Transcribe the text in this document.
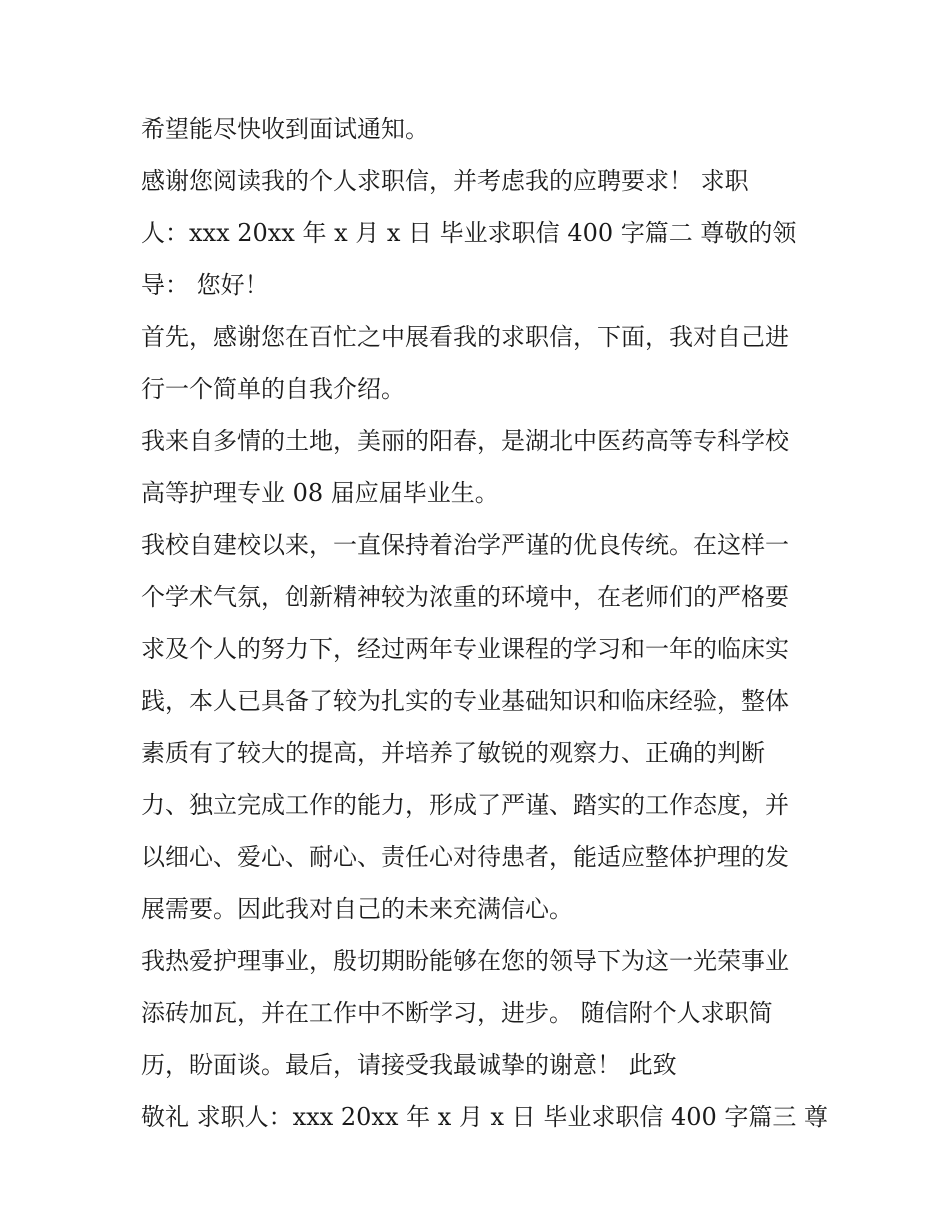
希望能尽快收到面试通知。
感谢您阅读我的个人求职信，并考虑我的应聘要求！ 求职
人：xxx 20xx 年 x 月 x 日 毕业求职信 400 字篇二 尊敬的领
导： 您好！
首先，感谢您在百忙之中展看我的求职信，下面，我对自己进
行一个简单的自我介绍。
我来自多情的土地，美丽的阳春，是湖北中医药高等专科学校
高等护理专业 08 届应届毕业生。
我校自建校以来，一直保持着治学严谨的优良传统。在这样一
个学术气氛，创新精神较为浓重的环境中，在老师们的严格要
求及个人的努力下，经过两年专业课程的学习和一年的临床实
践，本人已具备了较为扎实的专业基础知识和临床经验，整体
素质有了较大的提高，并培养了敏锐的观察力、正确的判断
力、独立完成工作的能力，形成了严谨、踏实的工作态度，并
以细心、爱心、耐心、责任心对待患者，能适应整体护理的发
展需要。因此我对自己的未来充满信心。
我热爱护理事业，殷切期盼能够在您的领导下为这一光荣事业
添砖加瓦，并在工作中不断学习，进步。 随信附个人求职简
历，盼面谈。最后，请接受我最诚挚的谢意！ 此致
敬礼 求职人：xxx 20xx 年 x 月 x 日 毕业求职信 400 字篇三 尊
